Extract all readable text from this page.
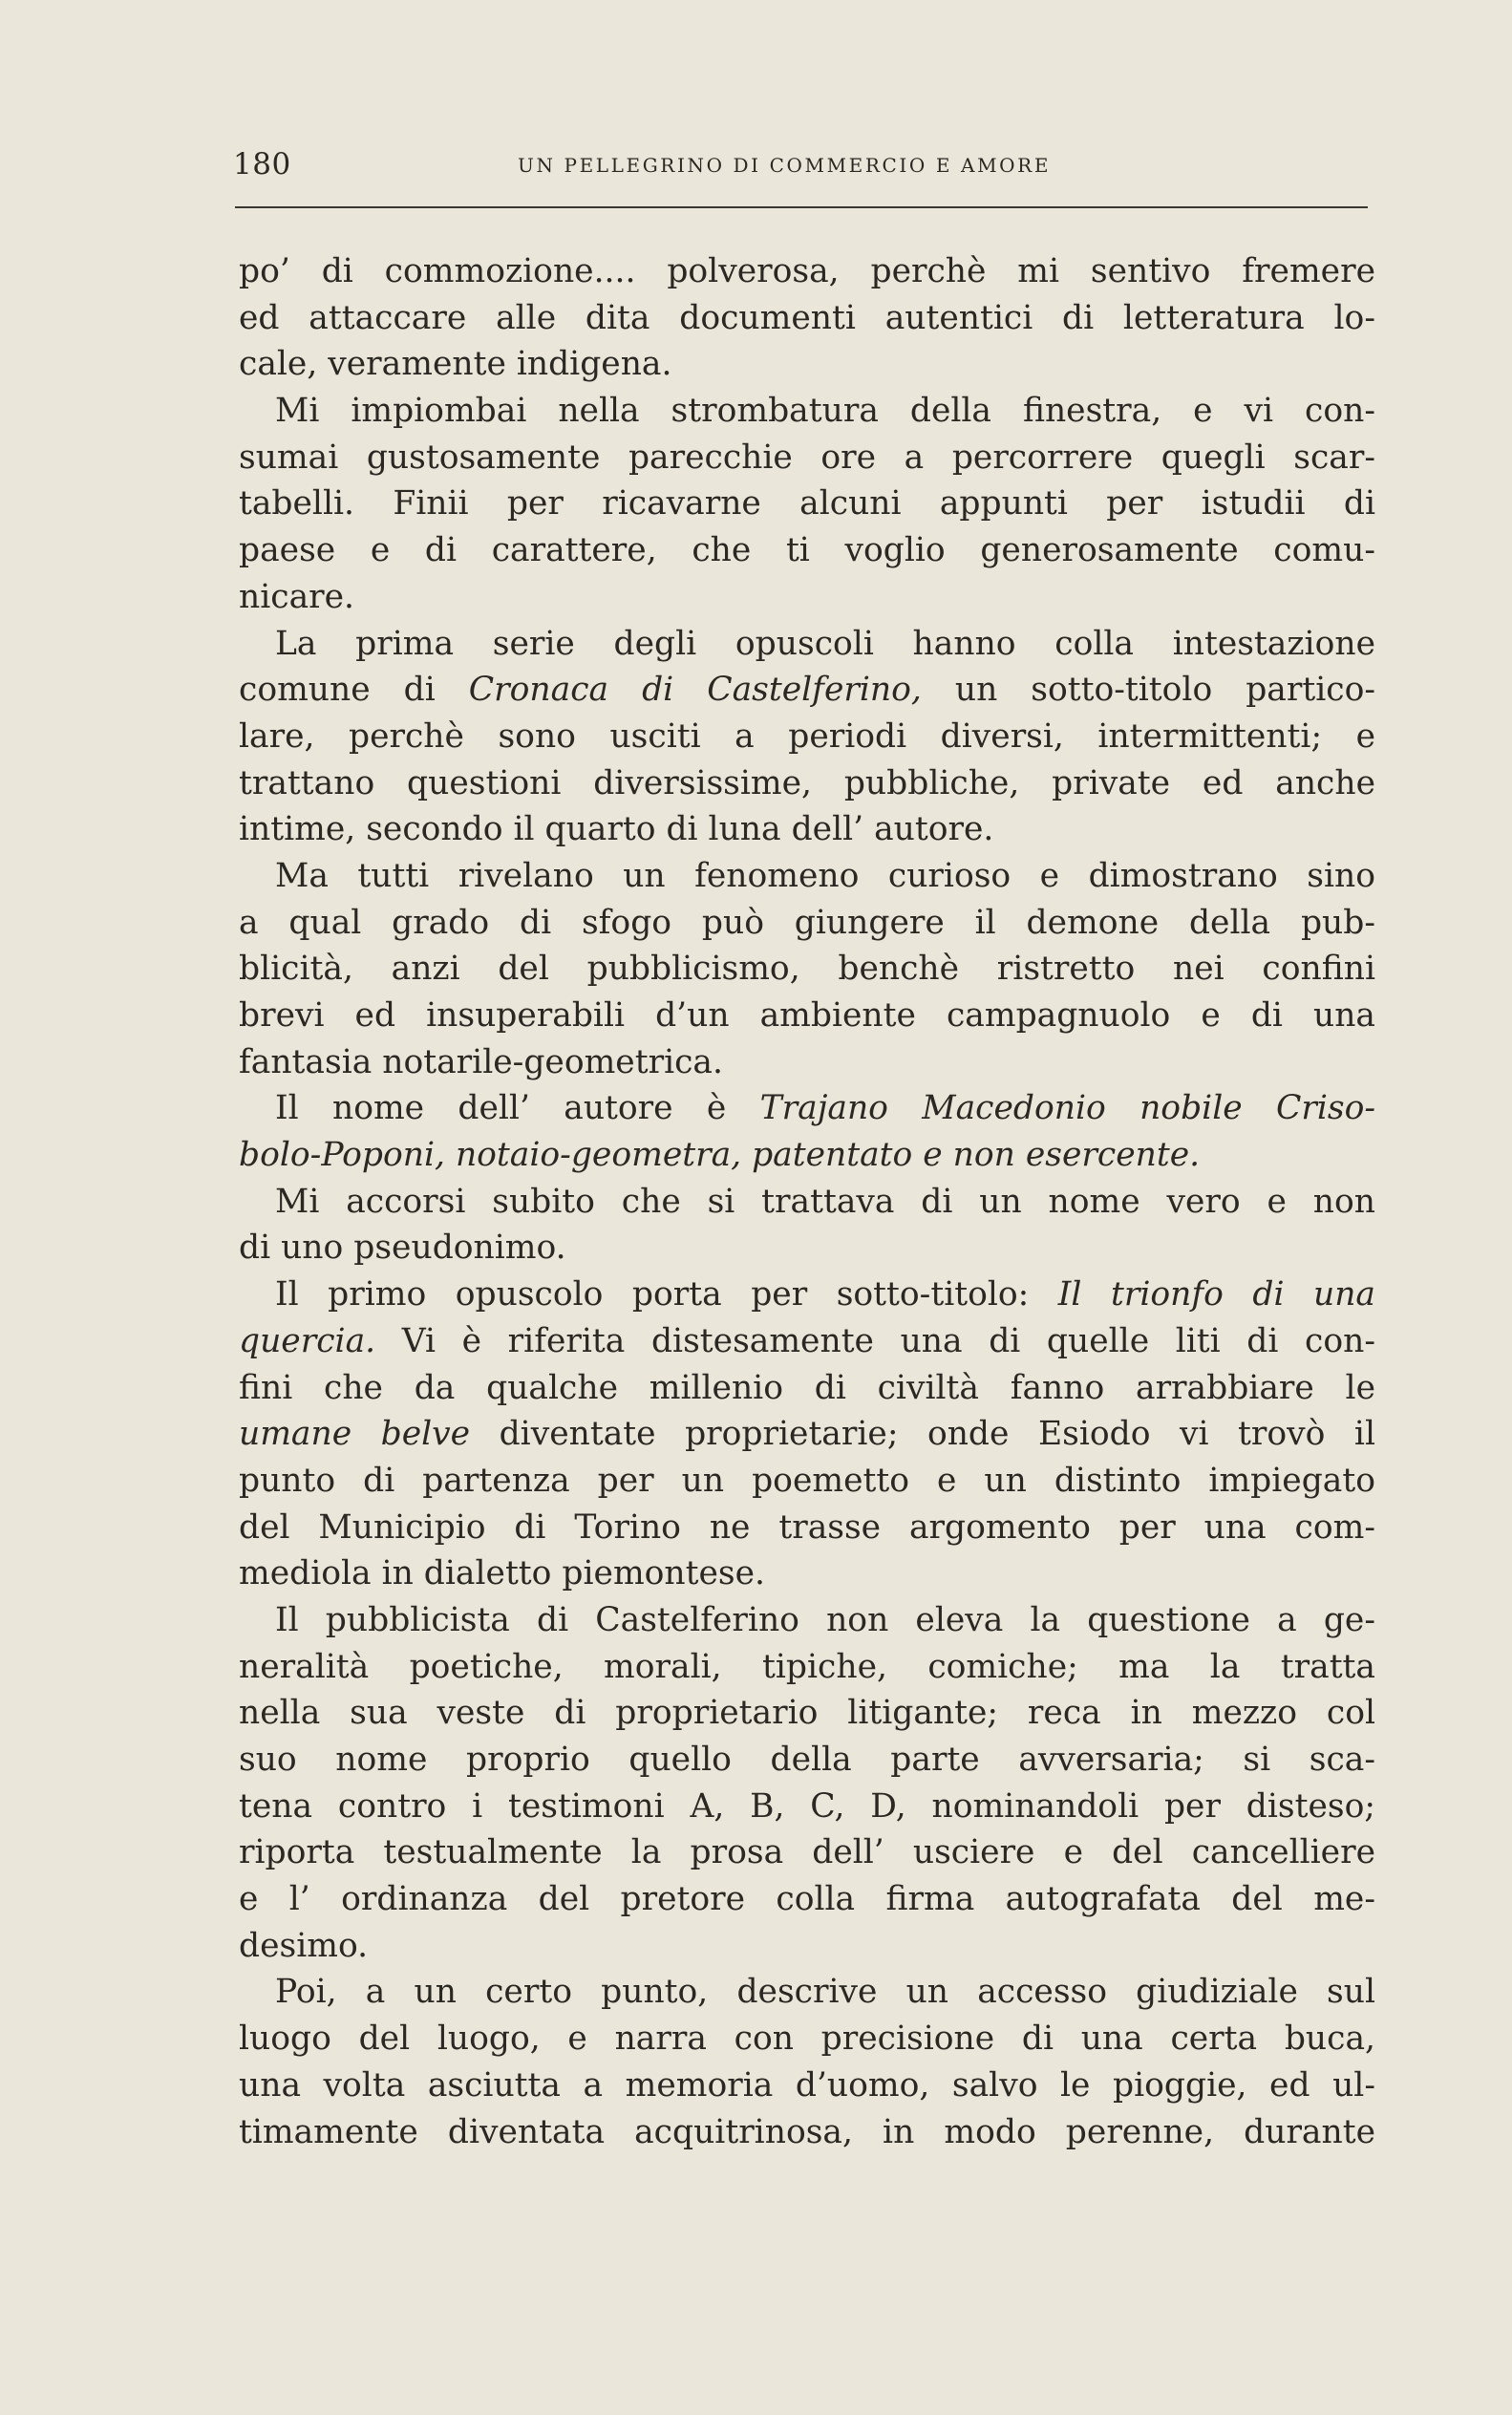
180	UN PELLEGRINO DI COMMERCIO E AMORE
po’ di commozione.... polverosa, perchè mi sentivo fremere
ed attaccare alle dita documenti autentici di letteratura lo-
cale, veramente indigena.
Mi impiombai nella strombatura della finestra, e vi con-
sumai gustosamente parecchie ore a percorrere quegli scar-
tabelli. Finii per ricavarne alcuni appunti per istudii di
paese e di carattere, che ti voglio generosamente comu-
nicare.
La prima serie degli opuscoli hanno colla intestazione
comune di Cronaca di Castelferino, un sotto-titolo partico-
lare, perchè sono usciti a periodi diversi, intermittenti; e
trattano questioni diversissime, pubbliche, private ed anche
intime, secondo il quarto di luna dell’ autore.
Ma tutti rivelano un fenomeno curioso e dimostrano sino
a qual grado di sfogo può giungere il demone della pub-
blicità, anzi del pubblicismo, benchè ristretto nei confini
brevi ed insuperabili d’un ambiente campagnuolo e di una
fantasia notarile-geometrica.
Il nome dell’ autore è Trajano Macedonio nobile Criso-
bolo-Poponi, notaio-geometra, patentato e non esercente.
Mi accorsi subito che si trattava di un nome vero e non
di uno pseudonimo.
Il primo opuscolo porta per sotto-titolo: Il trionfo di una
quercia. Vi è riferita distesamente una di quelle liti di con-
fini che da qualche millenio di civiltà fanno arrabbiare le
umane belve diventate proprietarie; onde Esiodo vi trovò il
punto di partenza per un poemetto e un distinto impiegato
del Municipio di Torino ne trasse argomento per una com-
mediola in dialetto piemontese.
Il pubblicista di Castelferino non eleva la questione a ge-
neralità poetiche, morali, tipiche, comiche; ma la tratta
nella sua veste di proprietario litigante; reca in mezzo col
suo nome proprio quello della parte avversaria; si sca-
tena contro i testimoni A, B, C, D, nominandoli per disteso;
riporta testualmente la prosa dell’ usciere e del cancelliere
e l’ ordinanza del pretore colla firma autografata del me-
desimo.
Poi, a un certo punto, descrive un accesso giudiziale sul
luogo del luogo, e narra con precisione di una certa buca,
una volta asciutta a memoria d’uomo, salvo le pioggie, ed ul-
timamente diventata acquitrinosa, in modo perenne, durante
